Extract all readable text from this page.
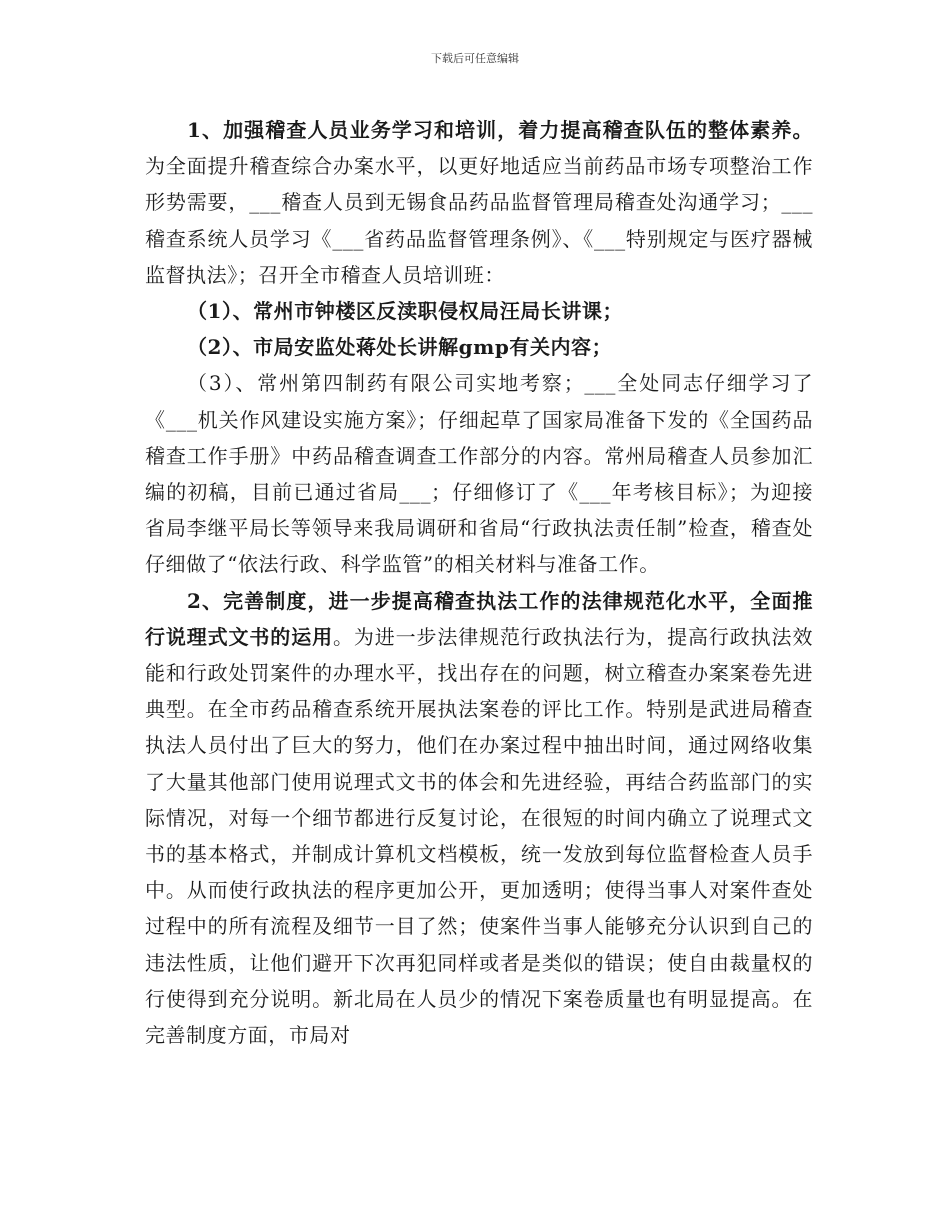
下载后可任意编辑

1、加强稽查人员业务学习和培训，着力提高稽查队伍的整体素养。为全面提升稽查综合办案水平，以更好地适应当前药品市场专项整治工作形势需要，___稽查人员到无锡食品药品监督管理局稽查处沟通学习；___稽查系统人员学习《___省药品监督管理条例》、《___特别规定与医疗器械监督执法》；召开全市稽查人员培训班：

（1）、常州市钟楼区反渎职侵权局汪局长讲课；

（2）、市局安监处蒋处长讲解gmp有关内容；

（3）、常州第四制药有限公司实地考察；___全处同志仔细学习了《___机关作风建设实施方案》；仔细起草了国家局准备下发的《全国药品稽查工作手册》中药品稽查调查工作部分的内容。常州局稽查人员参加汇编的初稿，目前已通过省局___；仔细修订了《___年考核目标》；为迎接省局李继平局长等领导来我局调研和省局“行政执法责任制”检查，稽查处仔细做了“依法行政、科学监管”的相关材料与准备工作。

2、完善制度，进一步提高稽查执法工作的法律规范化水平，全面推行说理式文书的运用。为进一步法律规范行政执法行为，提高行政执法效能和行政处罚案件的办理水平，找出存在的问题，树立稽查办案案卷先进典型。在全市药品稽查系统开展执法案卷的评比工作。特别是武进局稽查执法人员付出了巨大的努力，他们在办案过程中抽出时间，通过网络收集了大量其他部门使用说理式文书的体会和先进经验，再结合药监部门的实际情况，对每一个细节都进行反复讨论，在很短的时间内确立了说理式文书的基本格式，并制成计算机文档模板，统一发放到每位监督检查人员手中。从而使行政执法的程序更加公开，更加透明；使得当事人对案件查处过程中的所有流程及细节一目了然；使案件当事人能够充分认识到自己的违法性质，让他们避开下次再犯同样或者是类似的错误；使自由裁量权的行使得到充分说明。新北局在人员少的情况下案卷质量也有明显提高。在完善制度方面，市局对
